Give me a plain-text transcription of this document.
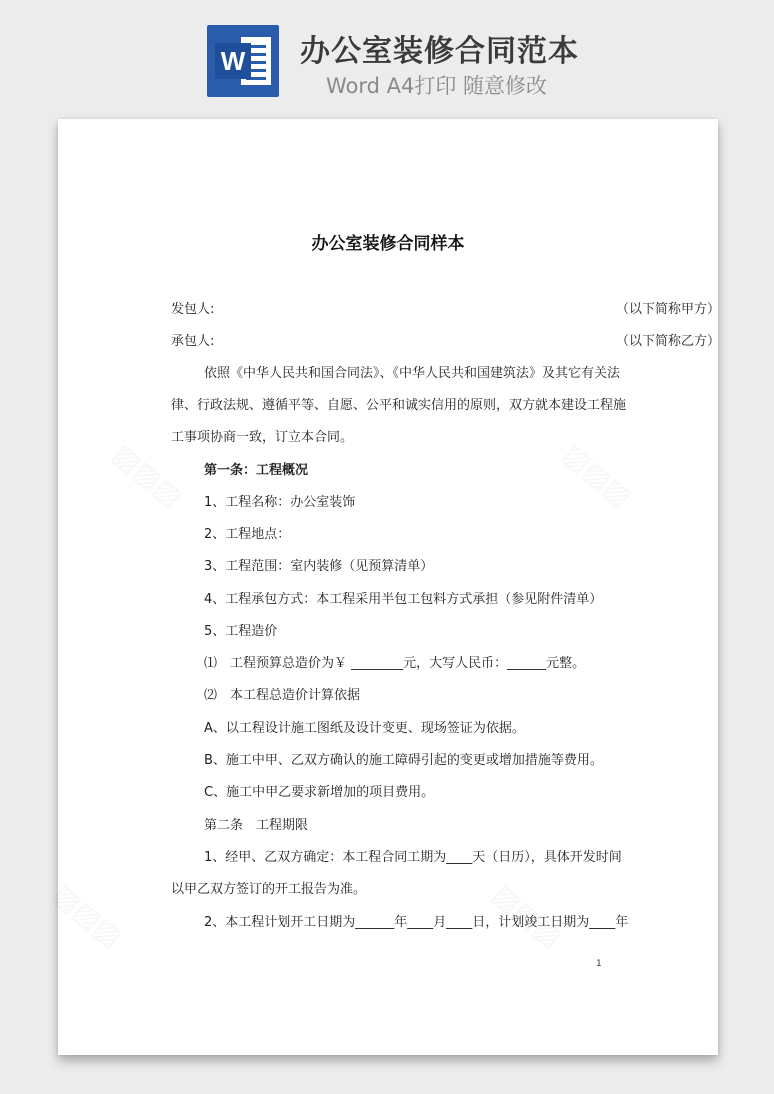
W 办公室装修合同范本
Word A4打印 随意修改
办公室装修合同样本
发包人:	（以下简称甲方）
承包人:	（以下简称乙方）
依照《中华人民共和国合同法》、《中华人民共和国建筑法》及其它有关法
律、行政法规、遵循平等、自愿、公平和诚实信用的原则，双方就本建设工程施
工事项协商一致，订立本合同。
第一条：工程概况
1、工程名称：办公室装饰
2、工程地点：
3、工程范围：室内装修（见预算清单）
4、工程承包方式：本工程采用半包工包料方式承担（参见附件清单）
5、工程造价
⑴　工程预算总造价为￥ ________元，大写人民币：______元整。
⑵　本工程总造价计算依据
A、以工程设计施工图纸及设计变更、现场签证为依据。
B、施工中甲、乙双方确认的施工障碍引起的变更或增加措施等费用。
C、施工中甲乙要求新增加的项目费用。
第二条　工程期限
1、经甲、乙双方确定：本工程合同工期为____天（日历），具体开发时间
以甲乙双方签订的开工报告为准。
2、本工程计划开工日期为______年____月____日，计划竣工日期为____年
1
